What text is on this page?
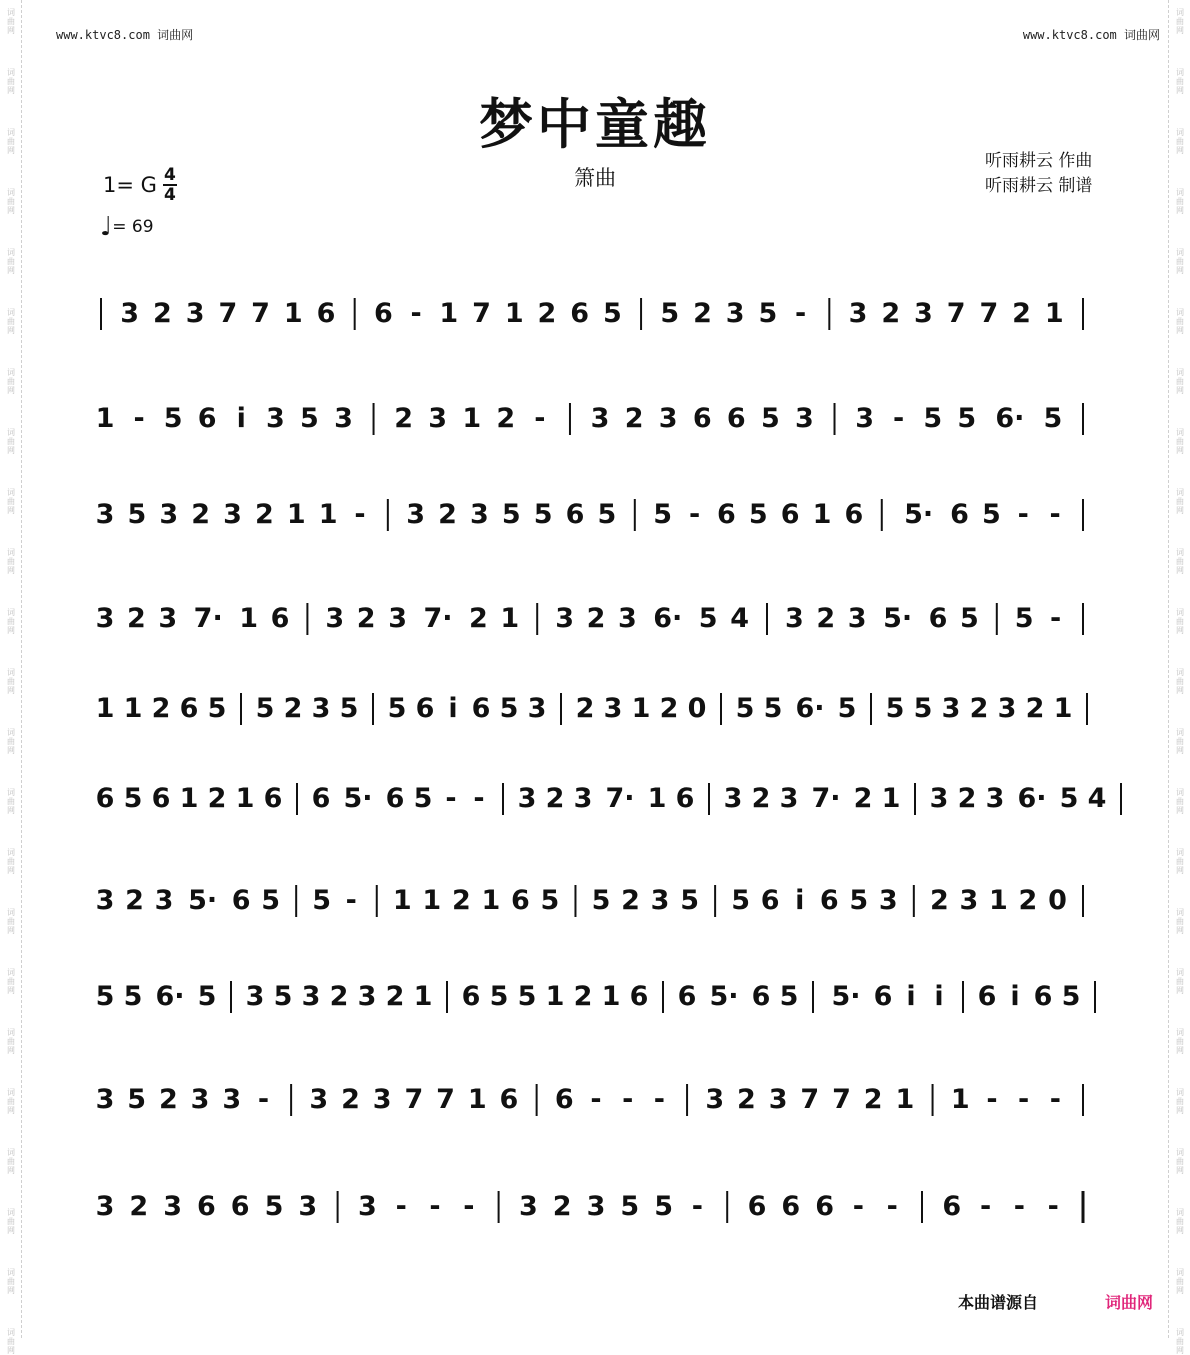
词曲网
词曲网
词曲网
词曲网
词曲网
词曲网
词曲网
词曲网
词曲网
词曲网
词曲网
词曲网
词曲网
词曲网
词曲网
词曲网
词曲网
词曲网
词曲网
词曲网
词曲网
词曲网
词曲网
词曲网
词曲网
词曲网
词曲网
词曲网
词曲网
词曲网
词曲网
词曲网
词曲网
词曲网
词曲网
词曲网
词曲网
词曲网
词曲网
词曲网
词曲网
词曲网
词曲网
词曲网
词曲网
词曲网
www.ktvc8.com 词曲网	www.ktvc8.com 词曲网
梦中童趣
箫曲
听雨耕云 作曲
听雨耕云 制谱
1= G $\frac{4}{4}$
♩ = 69
3 2 3 7 7 1 6 6 - 1 7 1 2 6 5 5 2 3 5 - 3 2 3 7 7 2 1
1 - 5 6 i 3 5 3 2 3 1 2 - 3 2 3 6 6 5 3 3 - 5 5 6· 5
3 5 3 2 3 2 1 1 - 3 2 3 5 5 6 5 5 - 6 5 6 1 6 5· 6 5 - -
3 2 3 7· 1 6 3 2 3 7· 2 1 3 2 3 6· 5 4 3 2 3 5· 6 5 5 -
1 1 2 6 5 5 2 3 5 5 6 i 6 5 3 2 3 1 2 0 5 5 6· 5 5 5 3 2 3 2 1
6 5 6 1 2 1 6 6 5· 6 5 - - 3 2 3 7· 1 6 3 2 3 7· 2 1 3 2 3 6· 5 4
3 2 3 5· 6 5 5 - 1 1 2 1 6 5 5 2 3 5 5 6 i 6 5 3 2 3 1 2 0
5 5 6· 5 3 5 3 2 3 2 1 6 5 5 1 2 1 6 6 5· 6 5 5· 6 i i 6 i 6 5
3 5 2 3 3 - 3 2 3 7 7 1 6 6 - - - 3 2 3 7 7 2 1 1 - - -
3 2 3 6 6 5 3 3 - - - 3 2 3 5 5 - 6 6 6 - - 6 - - -
本曲谱源自	词曲网
